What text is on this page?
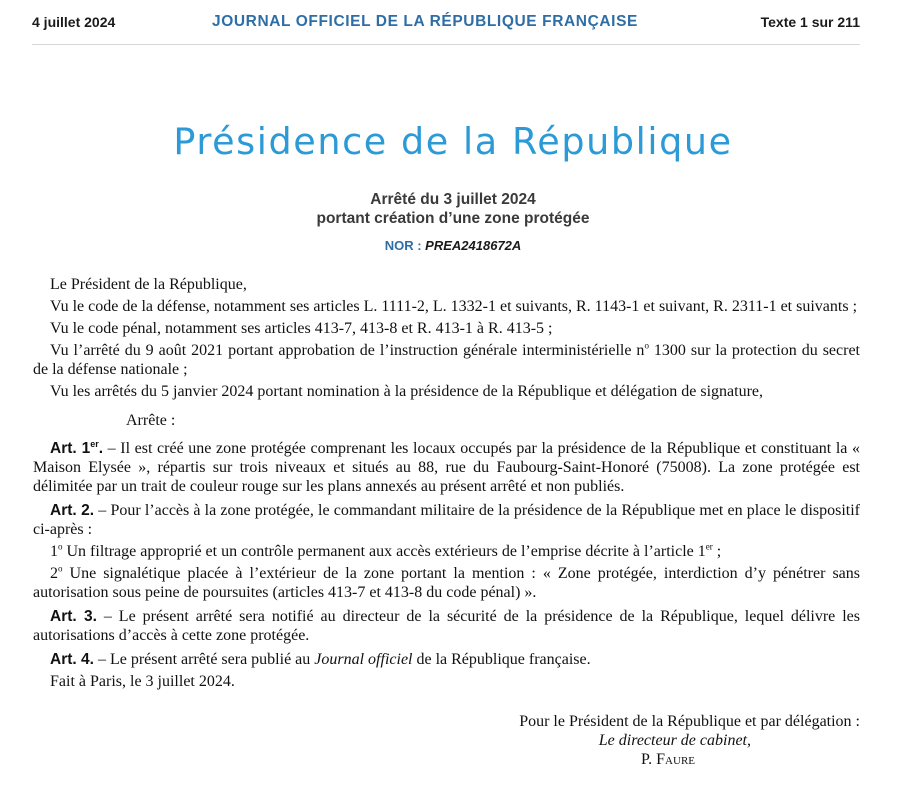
4 juillet 2024	JOURNAL OFFICIEL DE LA RÉPUBLIQUE FRANÇAISE	Texte 1 sur 211
Présidence de la République
Arrêté du 3 juillet 2024
portant création d’une zone protégée
NOR : PREA2418672A

Le Président de la République,

Vu le code de la défense, notamment ses articles L. 1111-2, L. 1332-1 et suivants, R. 1143-1 et suivant, R. 2311-1 et suivants ;

Vu le code pénal, notamment ses articles 413-7, 413-8 et R. 413-1 à R. 413-5 ;

Vu l’arrêté du 9 août 2021 portant approbation de l’instruction générale interministérielle $n^o$ 1300 sur la protection du secret de la défense nationale ;

Vu les arrêtés du 5 janvier 2024 portant nomination à la présidence de la République et délégation de signature,

Arrête :

Art. 1er. – Il est créé une zone protégée comprenant les locaux occupés par la présidence de la République et constituant la « Maison Elysée », répartis sur trois niveaux et situés au 88, rue du Faubourg-Saint-Honoré (75008). La zone protégée est délimitée par un trait de couleur rouge sur les plans annexés au présent arrêté et non publiés.

Art. 2. – Pour l’accès à la zone protégée, le commandant militaire de la présidence de la République met en place le dispositif ci-après :

1$^o$ Un filtrage approprié et un contrôle permanent aux accès extérieurs de l’emprise décrite à l’article 1er ;

2$^o$ Une signalétique placée à l’extérieur de la zone portant la mention : « Zone protégée, interdiction d’y pénétrer sans autorisation sous peine de poursuites (articles 413-7 et 413-8 du code pénal) ».

Art. 3. – Le présent arrêté sera notifié au directeur de la sécurité de la présidence de la République, lequel délivre les autorisations d’accès à cette zone protégée.

Art. 4. – Le présent arrêté sera publié au Journal officiel de la République française.

Fait à Paris, le 3 juillet 2024.

Pour le Président de la République et par délégation :
Le directeur de cabinet,
P. Faure
